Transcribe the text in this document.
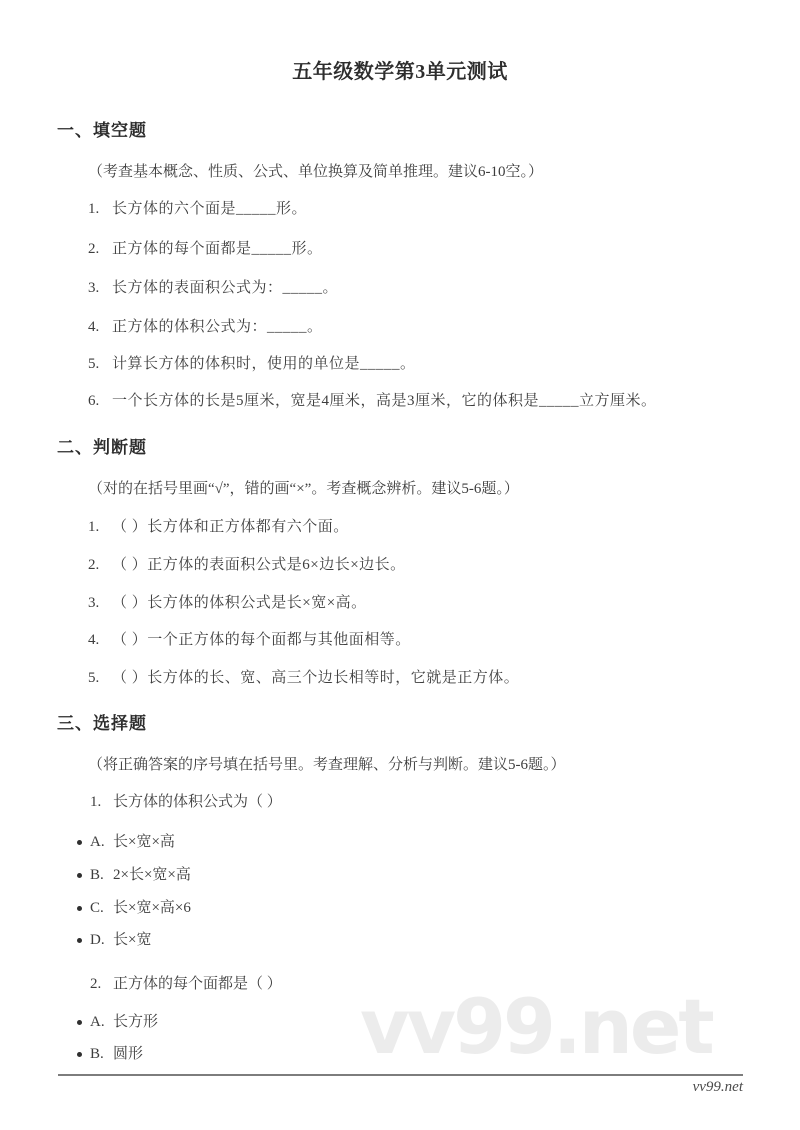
vv99.net
五年级数学第3单元测试
一、填空题
（考查基本概念、性质、公式、单位换算及简单推理。建议6-10空。）
1. 长方体的六个面是_____形。
2. 正方体的每个面都是_____形。
3. 长方体的表面积公式为：_____。
4. 正方体的体积公式为：_____。
5. 计算长方体的体积时，使用的单位是_____。
6. 一个长方体的长是5厘米，宽是4厘米，高是3厘米，它的体积是_____立方厘米。
二、判断题
（对的在括号里画“√”，错的画“×”。考查概念辨析。建议5-6题。）
1. （ ）长方体和正方体都有六个面。
2. （ ）正方体的表面积公式是6×边长×边长。
3. （ ）长方体的体积公式是长×宽×高。
4. （ ）一个正方体的每个面都与其他面相等。
5. （ ）长方体的长、宽、高三个边长相等时，它就是正方体。
三、选择题
（将正确答案的序号填在括号里。考查理解、分析与判断。建议5-6题。）
1. 长方体的体积公式为（ ）
A. 长×宽×高
B. 2×长×宽×高
C. 长×宽×高×6
D. 长×宽
2. 正方体的每个面都是（ ）
A. 长方形
B. 圆形
vv99.net
